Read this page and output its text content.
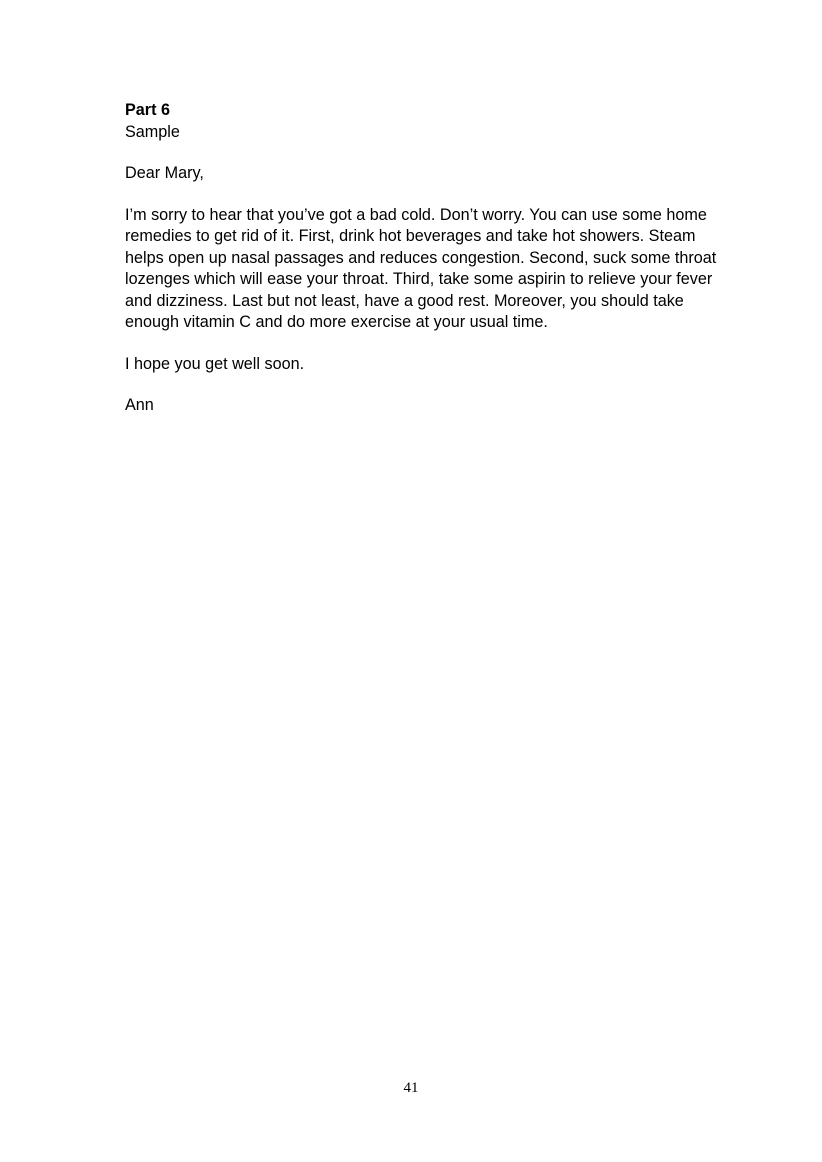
Part 6

Sample

Dear Mary,

I’m sorry to hear that you’ve got a bad cold. Don’t worry. You can use some home remedies to get rid of it. First, drink hot beverages and take hot showers. Steam helps open up nasal passages and reduces congestion. Second, suck some throat lozenges which will ease your throat. Third, take some aspirin to relieve your fever and dizziness. Last but not least, have a good rest. Moreover, you should take enough vitamin C and do more exercise at your usual time.

I hope you get well soon.

Ann

41
